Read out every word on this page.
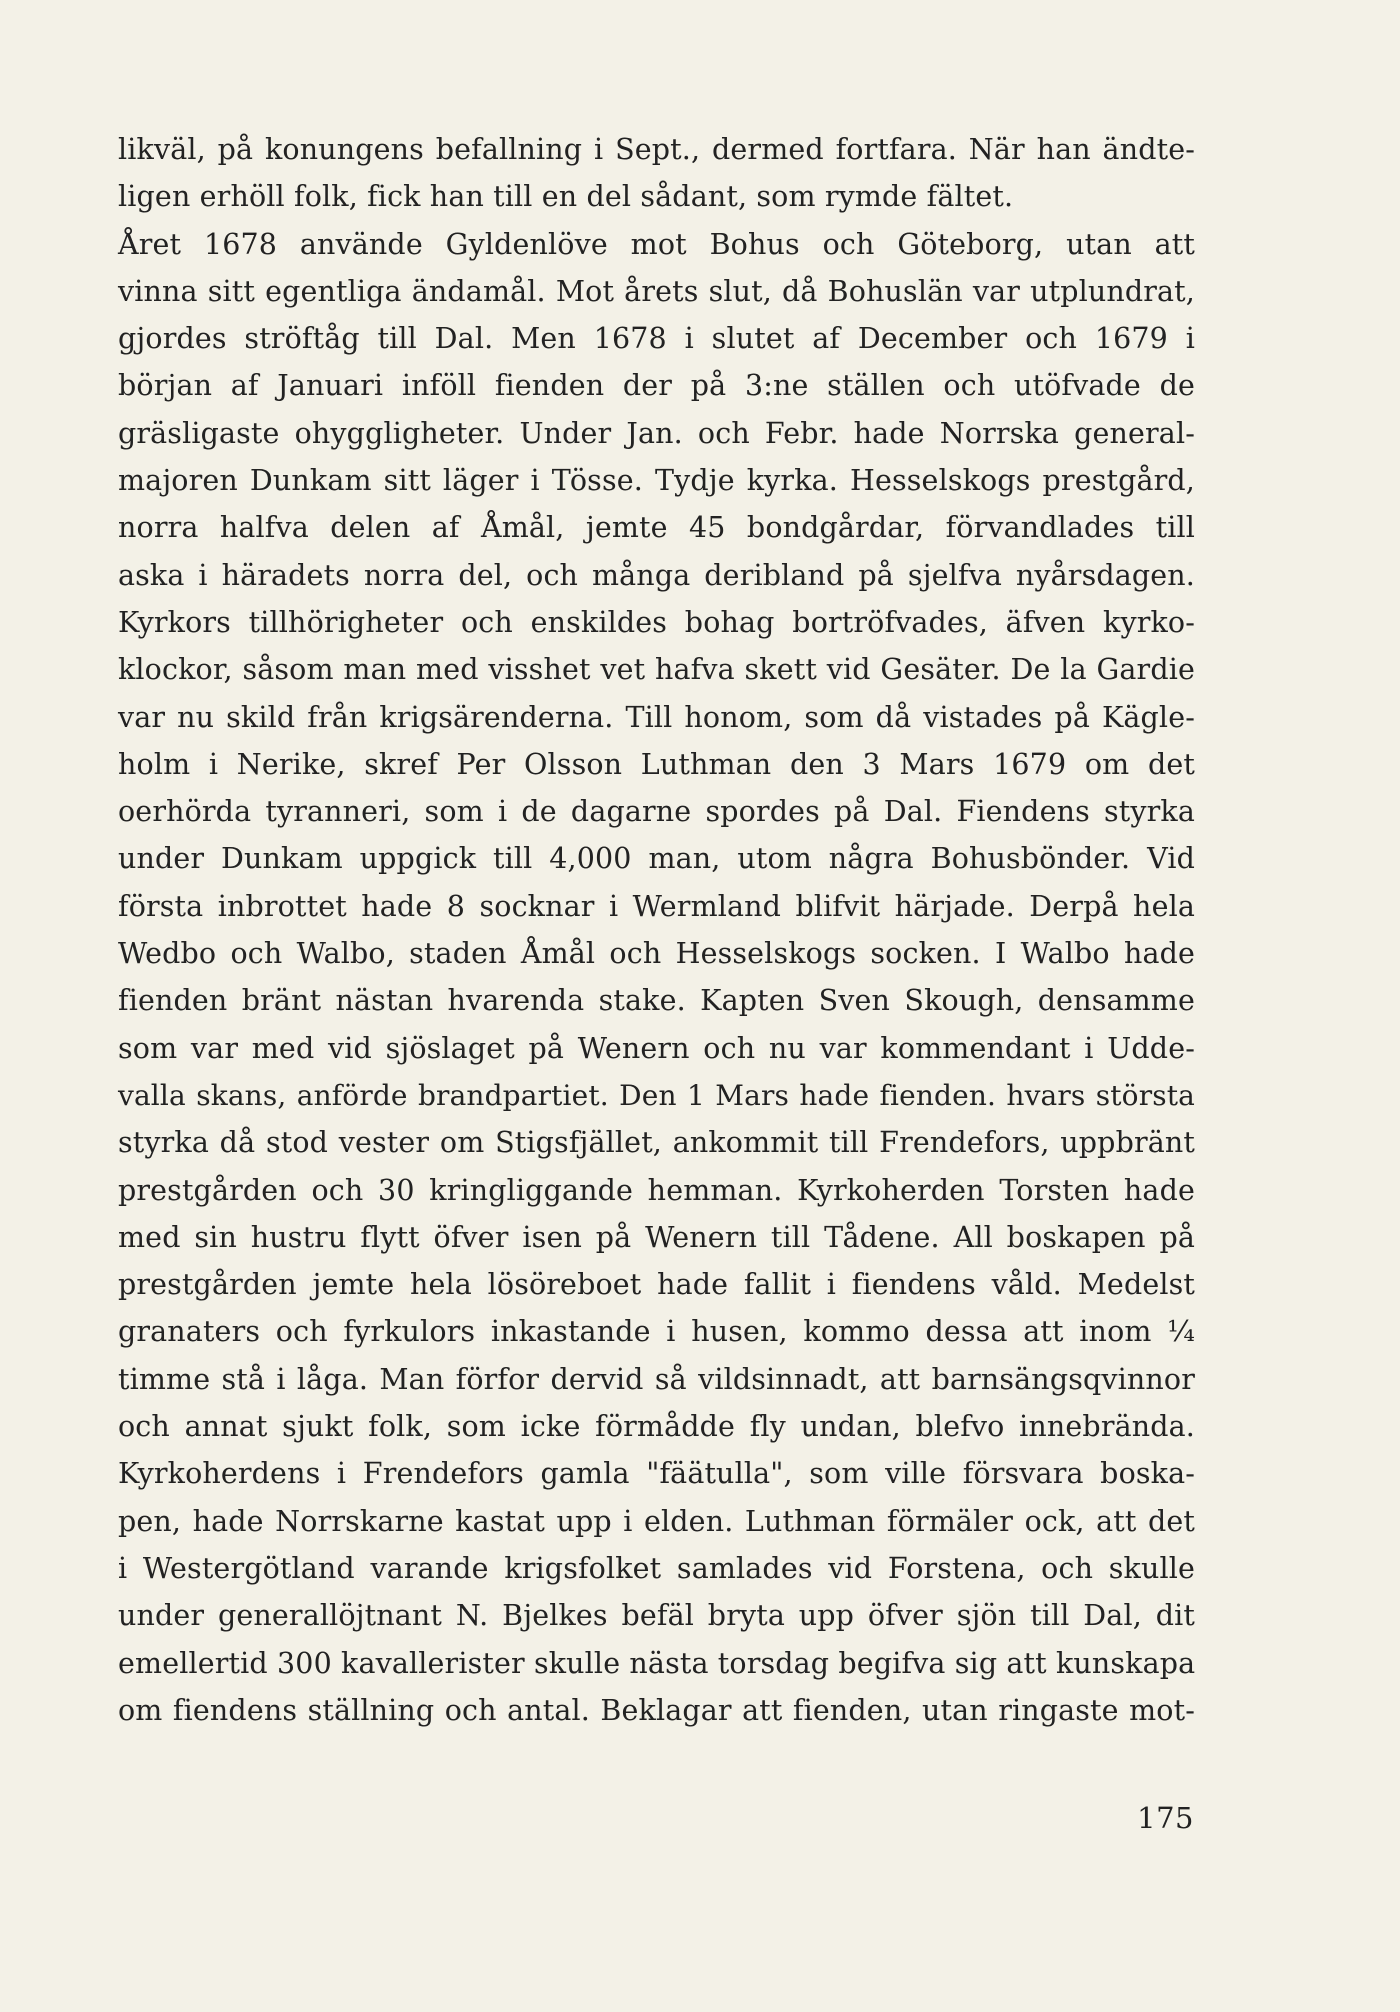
likväl, på konungens befallning i Sept., dermed fortfara. När han ändte-
ligen erhöll folk, fick han till en del sådant, som rymde fältet.
Året 1678 använde Gyldenlöve mot Bohus och Göteborg, utan att
vinna sitt egentliga ändamål. Mot årets slut, då Bohuslän var utplundrat,
gjordes ströftåg till Dal. Men 1678 i slutet af December och 1679 i
början af Januari inföll fienden der på 3:ne ställen och utöfvade de
gräsligaste ohyggligheter. Under Jan. och Febr. hade Norrska general-
majoren Dunkam sitt läger i Tösse. Tydje kyrka. Hesselskogs prestgård,
norra halfva delen af Åmål, jemte 45 bondgårdar, förvandlades till
aska i häradets norra del, och många deribland på sjelfva nyårsdagen.
Kyrkors tillhörigheter och enskildes bohag bortröfvades, äfven kyrko-
klockor, såsom man med visshet vet hafva skett vid Gesäter. De la Gardie
var nu skild från krigsärenderna. Till honom, som då vistades på Kägle-
holm i Nerike, skref Per Olsson Luthman den 3 Mars 1679 om det
oerhörda tyranneri, som i de dagarne spordes på Dal. Fiendens styrka
under Dunkam uppgick till 4,000 man, utom några Bohusbönder. Vid
första inbrottet hade 8 socknar i Wermland blifvit härjade. Derpå hela
Wedbo och Walbo, staden Åmål och Hesselskogs socken. I Walbo hade
fienden bränt nästan hvarenda stake. Kapten Sven Skough, densamme
som var med vid sjöslaget på Wenern och nu var kommendant i Udde-
valla skans, anförde brandpartiet. Den 1 Mars hade fienden. hvars största
styrka då stod vester om Stigsfjället, ankommit till Frendefors, uppbränt
prestgården och 30 kringliggande hemman. Kyrkoherden Torsten hade
med sin hustru flytt öfver isen på Wenern till Tådene. All boskapen på
prestgården jemte hela lösöreboet hade fallit i fiendens våld. Medelst
granaters och fyrkulors inkastande i husen, kommo dessa att inom ¼
timme stå i låga. Man förfor dervid så vildsinnadt, att barnsängsqvinnor
och annat sjukt folk, som icke förmådde fly undan, blefvo innebrända.
Kyrkoherdens i Frendefors gamla "fäätulla", som ville försvara boska-
pen, hade Norrskarne kastat upp i elden. Luthman förmäler ock, att det
i Westergötland varande krigsfolket samlades vid Forstena, och skulle
under generallöjtnant N. Bjelkes befäl bryta upp öfver sjön till Dal, dit
emellertid 300 kavallerister skulle nästa torsdag begifva sig att kunskapa
om fiendens ställning och antal. Beklagar att fienden, utan ringaste mot-
175
